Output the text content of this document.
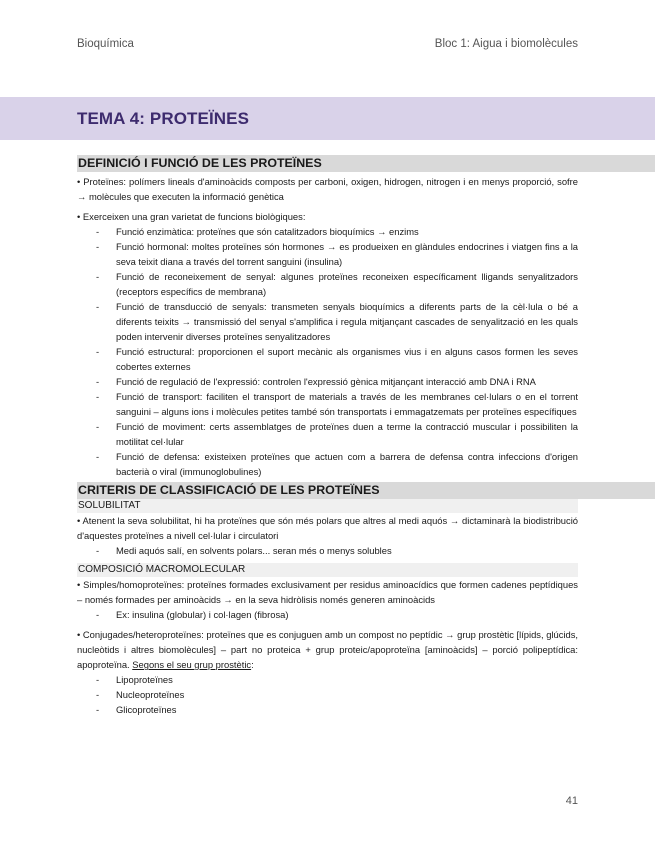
Bioquímica	Bloc 1: Aigua i biomolècules
TEMA 4: PROTEÏNES
DEFINICIÓ I FUNCIÓ DE LES PROTEÏNES

• Proteïnes: polímers lineals d'aminoàcids composts per carboni, oxigen, hidrogen, nitrogen i en menys proporció, sofre → molècules que executen la informació genètica

• Exerceixen una gran varietat de funcions biològiques:

- Funció enzimàtica: proteïnes que són catalitzadors bioquímics → enzims
- Funció hormonal: moltes proteïnes són hormones → es produeixen en glàndules endocrines i viatgen fins a la seva teixit diana a través del torrent sanguini (insulina)
- Funció de reconeixement de senyal: algunes proteïnes reconeixen específicament lligands senyalitzadors (receptors específics de membrana)
- Funció de transducció de senyals: transmeten senyals bioquímics a diferents parts de la cèl·lula o bé a diferents teixits → transmissió del senyal s'amplifica i regula mitjançant cascades de senyalització en les quals poden intervenir diverses proteïnes senyalitzadores
- Funció estructural: proporcionen el suport mecànic als organismes vius i en alguns casos formen les seves cobertes externes
- Funció de regulació de l'expressió: controlen l'expressió gènica mitjançant interacció amb DNA i RNA
- Funció de transport: faciliten el transport de materials a través de les membranes cel·lulars o en el torrent sanguini – alguns ions i molècules petites també són transportats i emmagatzemats per proteïnes específiques
- Funció de moviment: certs assemblatges de proteïnes duen a terme la contracció muscular i possibiliten la motilitat cel·lular
- Funció de defensa: existeixen proteïnes que actuen com a barrera de defensa contra infeccions d'origen bacterià o viral (immunoglobulines)
CRITERIS DE CLASSIFICACIÓ DE LES PROTEÏNES
SOLUBILITAT

• Atenent la seva solubilitat, hi ha proteïnes que són més polars que altres al medi aquós → dictaminarà la biodistribució d'aquestes proteïnes a nivell cel·lular i circulatori

- Medi aquós salí, en solvents polars... seran més o menys solubles
COMPOSICIÓ MACROMOLECULAR

• Simples/homoproteïnes: proteïnes formades exclusivament per residus aminoacídics que formen cadenes peptídiques – només formades per aminoàcids → en la seva hidròlisis només generen aminoàcids

- Ex: insulina (globular) i col·lagen (fibrosa)

• Conjugades/heteroproteïnes: proteïnes que es conjuguen amb un compost no peptídic → grup prostètic [lípids, glúcids, nucleòtids i altres biomolècules] – part no proteica + grup proteic/apoproteïna [aminoàcids] – porció polipeptídica: apoproteïna. Segons el seu grup prostètic:

- Lipoproteïnes
- Nucleoproteïnes
- Glicoproteïnes
41
